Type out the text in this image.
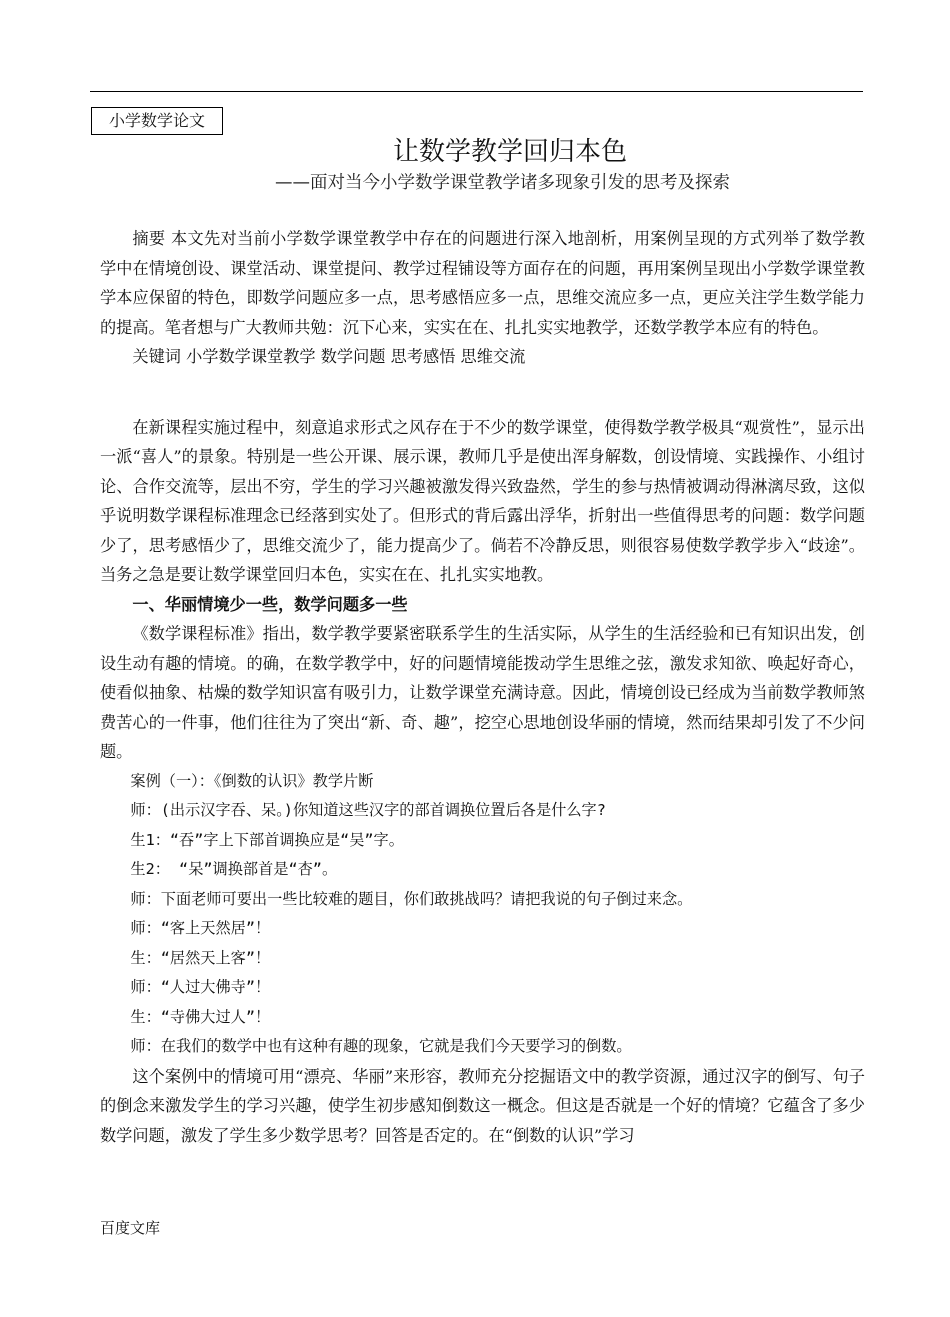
小学数学论文
让数学教学回归本色
——面对当今小学数学课堂教学诸多现象引发的思考及探索

摘要 本文先对当前小学数学课堂教学中存在的问题进行深入地剖析，用案例呈现的方式列举了数学教学中在情境创设、课堂活动、课堂提问、教学过程铺设等方面存在的问题，再用案例呈现出小学数学课堂教学本应保留的特色，即数学问题应多一点，思考感悟应多一点，思维交流应多一点，更应关注学生数学能力的提高。笔者想与广大教师共勉：沉下心来，实实在在、扎扎实实地教学，还数学教学本应有的特色。

关键词 小学数学课堂教学 数学问题 思考感悟 思维交流

在新课程实施过程中，刻意追求形式之风存在于不少的数学课堂，使得数学教学极具“观赏性”，显示出一派“喜人”的景象。特别是一些公开课、展示课，教师几乎是使出浑身解数，创设情境、实践操作、小组讨论、合作交流等，层出不穷，学生的学习兴趣被激发得兴致盎然，学生的参与热情被调动得淋漓尽致，这似乎说明数学课程标准理念已经落到实处了。但形式的背后露出浮华，折射出一些值得思考的问题：数学问题少了，思考感悟少了，思维交流少了，能力提高少了。倘若不冷静反思，则很容易使数学教学步入“歧途”。当务之急是要让数学课堂回归本色，实实在在、扎扎实实地教。

一、华丽情境少一些，数学问题多一些

《数学课程标准》指出，数学教学要紧密联系学生的生活实际，从学生的生活经验和已有知识出发，创设生动有趣的情境。的确，在数学教学中，好的问题情境能拨动学生思维之弦，激发求知欲、唤起好奇心，使看似抽象、枯燥的数学知识富有吸引力，让数学课堂充满诗意。因此，情境创设已经成为当前数学教师煞费苦心的一件事，他们往往为了突出“新、奇、趣”，挖空心思地创设华丽的情境，然而结果却引发了不少问题。

案例（一）：《倒数的认识》教学片断

师：(出示汉字吞、呆。)你知道这些汉字的部首调换位置后各是什么字?

生1：“吞”字上下部首调换应是“吴”字。

生2： “呆”调换部首是“杏”。

师：下面老师可要出一些比较难的题目，你们敢挑战吗？请把我说的句子倒过来念。

师：“客上天然居”！

生：“居然天上客”！

师：“人过大佛寺”！

生：“寺佛大过人”！

师：在我们的数学中也有这种有趣的现象，它就是我们今天要学习的倒数。

这个案例中的情境可用“漂亮、华丽”来形容，教师充分挖掘语文中的教学资源，通过汉字的倒写、句子的倒念来激发学生的学习兴趣，使学生初步感知倒数这一概念。但这是否就是一个好的情境？它蕴含了多少数学问题，激发了学生多少数学思考？回答是否定的。在“倒数的认识”学习

百度文库
